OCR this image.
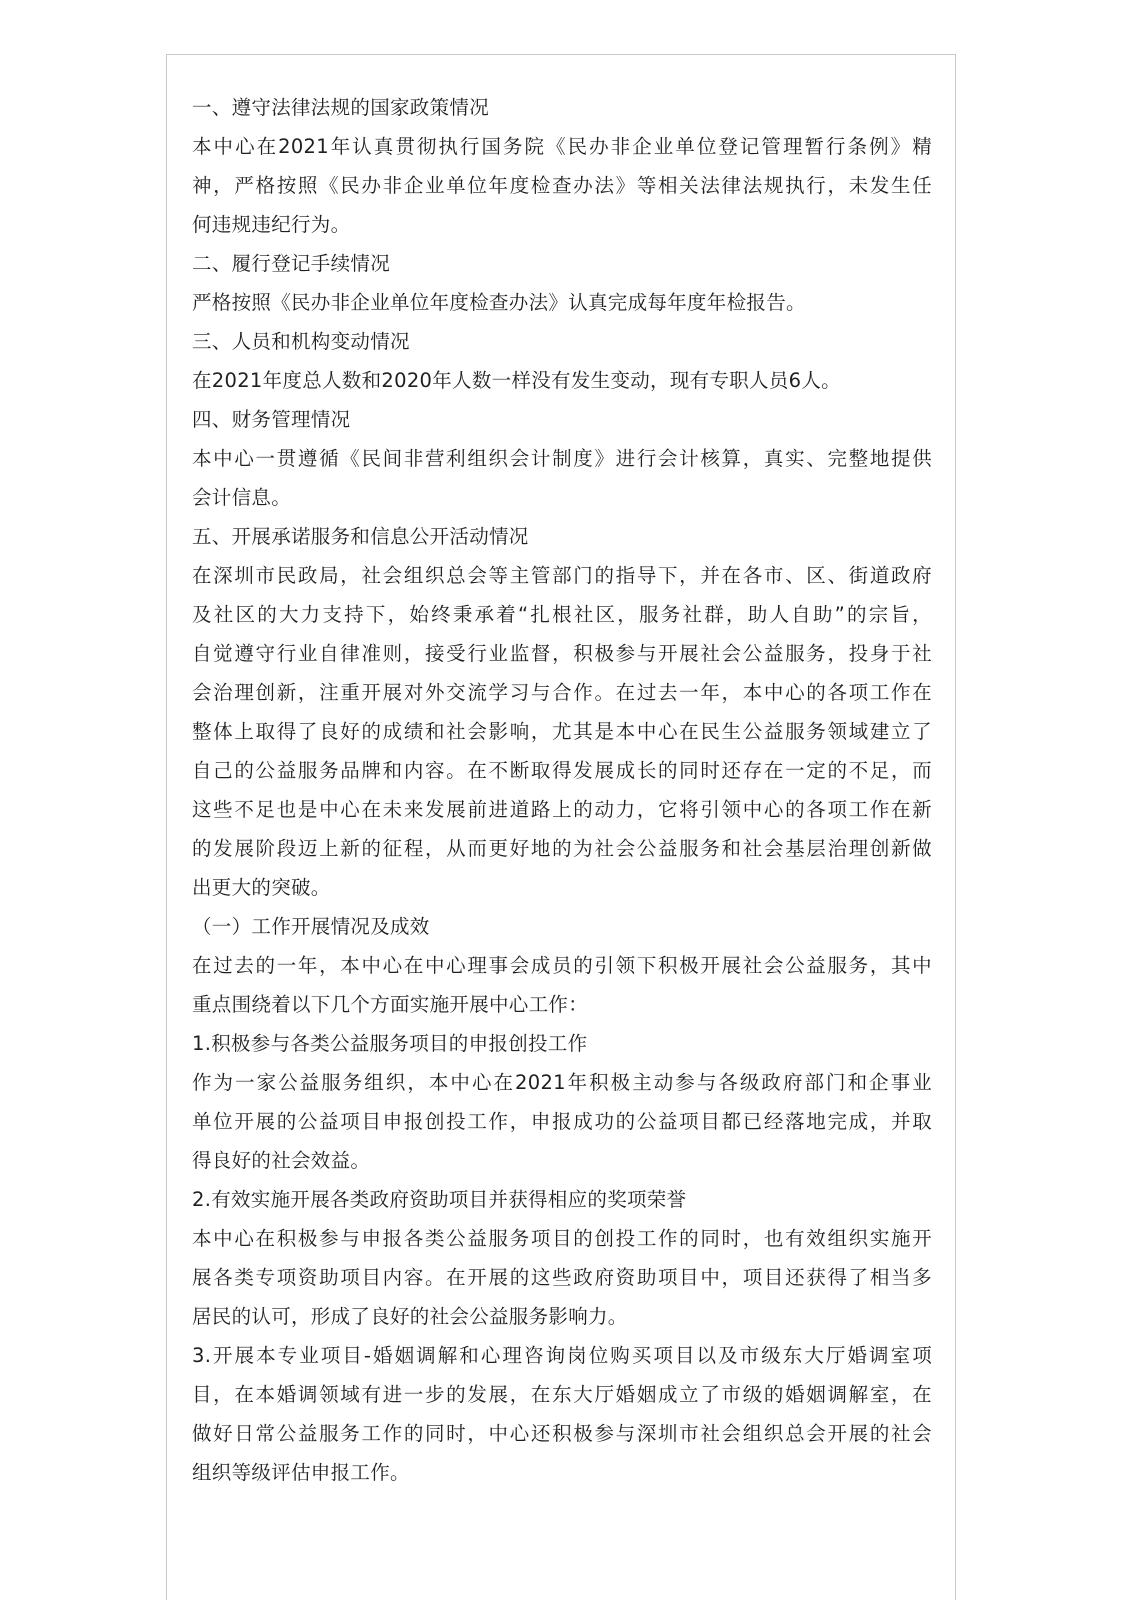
一、遵守法律法规的国家政策情况
本中心在2021年认真贯彻执行国务院《民办非企业单位登记管理暂行条例》精
神，严格按照《民办非企业单位年度检查办法》等相关法律法规执行，未发生任
何违规违纪行为。
二、履行登记手续情况
严格按照《民办非企业单位年度检查办法》认真完成每年度年检报告。
三、人员和机构变动情况
在2021年度总人数和2020年人数一样没有发生变动，现有专职人员6人。
四、财务管理情况
本中心一贯遵循《民间非营利组织会计制度》进行会计核算，真实、完整地提供
会计信息。
五、开展承诺服务和信息公开活动情况
在深圳市民政局，社会组织总会等主管部门的指导下，并在各市、区、街道政府
及社区的大力支持下，始终秉承着“扎根社区，服务社群，助人自助”的宗旨，
自觉遵守行业自律准则，接受行业监督，积极参与开展社会公益服务，投身于社
会治理创新，注重开展对外交流学习与合作。在过去一年，本中心的各项工作在
整体上取得了良好的成绩和社会影响，尤其是本中心在民生公益服务领域建立了
自己的公益服务品牌和内容。在不断取得发展成长的同时还存在一定的不足，而
这些不足也是中心在未来发展前进道路上的动力，它将引领中心的各项工作在新
的发展阶段迈上新的征程，从而更好地的为社会公益服务和社会基层治理创新做
出更大的突破。
（一）工作开展情况及成效
在过去的一年，本中心在中心理事会成员的引领下积极开展社会公益服务，其中
重点围绕着以下几个方面实施开展中心工作：
1.积极参与各类公益服务项目的申报创投工作
作为一家公益服务组织，本中心在2021年积极主动参与各级政府部门和企事业
单位开展的公益项目申报创投工作，申报成功的公益项目都已经落地完成，并取
得良好的社会效益。
2.有效实施开展各类政府资助项目并获得相应的奖项荣誉
本中心在积极参与申报各类公益服务项目的创投工作的同时，也有效组织实施开
展各类专项资助项目内容。在开展的这些政府资助项目中，项目还获得了相当多
居民的认可，形成了良好的社会公益服务影响力。
3.开展本专业项目-婚姻调解和心理咨询岗位购买项目以及市级东大厅婚调室项
目，在本婚调领域有进一步的发展，在东大厅婚姻成立了市级的婚姻调解室，在
做好日常公益服务工作的同时，中心还积极参与深圳市社会组织总会开展的社会
组织等级评估申报工作。
